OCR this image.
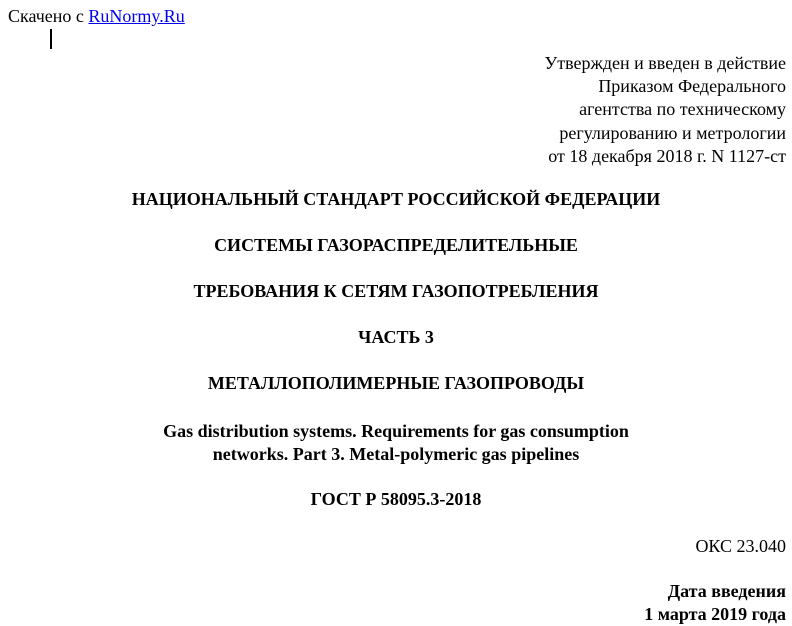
Скачено с RuNormy.Ru
Утвержден и введен в действие
Приказом Федерального
агентства по техническому
регулированию и метрологии
от 18 декабря 2018 г. N 1127-ст
НАЦИОНАЛЬНЫЙ СТАНДАРТ РОССИЙСКОЙ ФЕДЕРАЦИИ
СИСТЕМЫ ГАЗОРАСПРЕДЕЛИТЕЛЬНЫЕ
ТРЕБОВАНИЯ К СЕТЯМ ГАЗОПОТРЕБЛЕНИЯ
ЧАСТЬ 3
МЕТАЛЛОПОЛИМЕРНЫЕ ГАЗОПРОВОДЫ
Gas distribution systems. Requirements for gas consumption
networks. Part 3. Metal-polymeric gas pipelines
ГОСТ Р 58095.3-2018
ОКС 23.040
Дата введения
1 марта 2019 года
